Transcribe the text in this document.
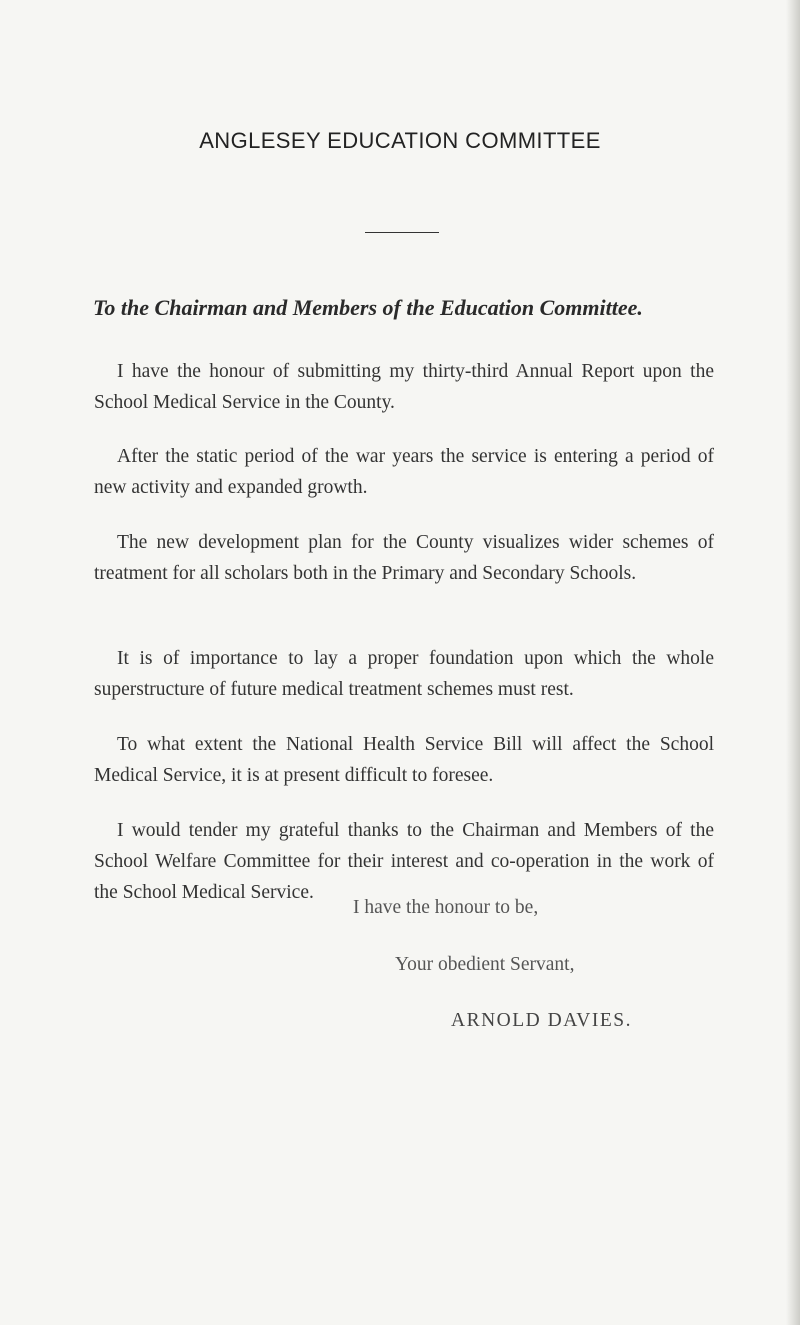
ANGLESEY EDUCATION COMMITTEE
To the Chairman and Members of the Education Committee.

I have the honour of submitting my thirty-third Annual Report upon the School Medical Service in the County.

After the static period of the war years the service is entering a period of new activity and expanded growth.

The new development plan for the County visualizes wider schemes of treatment for all scholars both in the Primary and Secondary Schools.

It is of importance to lay a proper foundation upon which the whole superstructure of future medical treatment schemes must rest.

To what extent the National Health Service Bill will affect the School Medical Service, it is at present difficult to foresee.

I would tender my grateful thanks to the Chairman and Members of the School Welfare Committee for their interest and co-operation in the work of the School Medical Service.

I have the honour to be,

Your obedient Servant,

ARNOLD DAVIES.
